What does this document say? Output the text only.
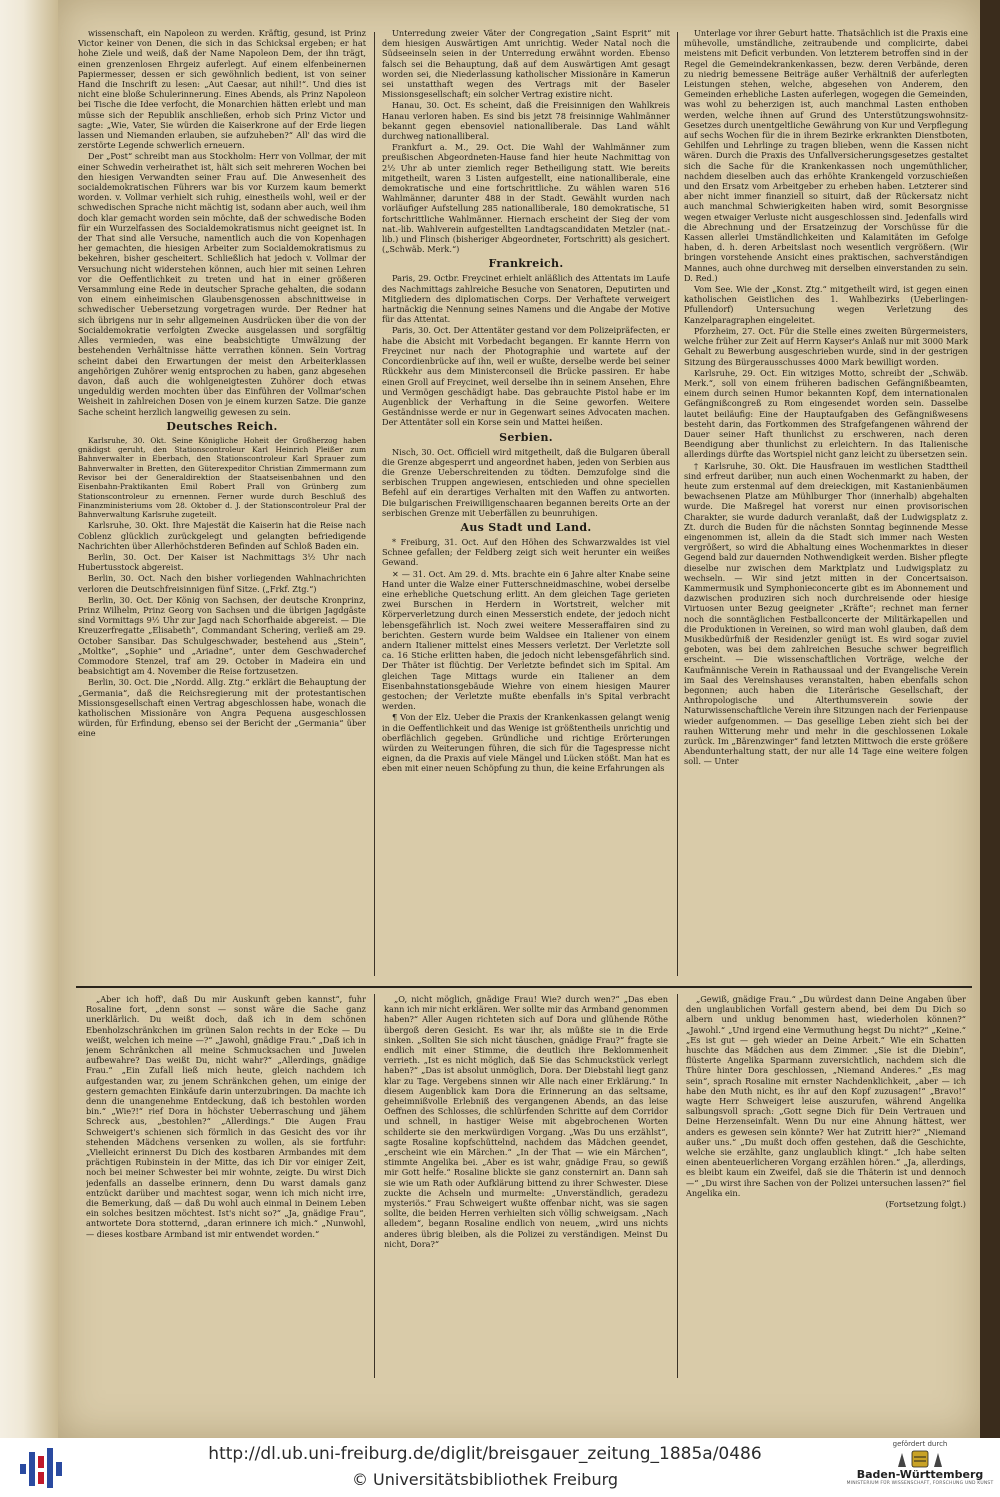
wissenschaft, ein Napoleon zu werden. Kräftig, gesund, ist Prinz Victor keiner von Denen, die sich in das Schicksal ergeben; er hat hohe Ziele und weiß, daß der Name Napoleon Dem, der ihn trägt, einen grenzenlosen Ehrgeiz auferlegt. Auf einem elfenbeinernen Papiermesser, dessen er sich gewöhnlich bedient, ist von seiner Hand die Inschrift zu lesen: „Aut Caesar, aut nihil!“. Und dies ist nicht eine bloße Schulerinnerung. Eines Abends, als Prinz Napoleon bei Tische die Idee verfocht, die Monarchien hätten erlebt und man müsse sich der Republik anschließen, erhob sich Prinz Victor und sagte: „Wie, Vater, Sie würden die Kaiserkrone auf der Erde liegen lassen und Niemanden erlauben, sie aufzuheben?“ All' das wird die zerstörte Legende schwerlich erneuern.

Der „Post“ schreibt man aus Stockholm: Herr von Vollmar, der mit einer Schwedin verheirathet ist, hält sich seit mehreren Wochen bei den hiesigen Verwandten seiner Frau auf. Die Anwesenheit des socialdemokratischen Führers war bis vor Kurzem kaum bemerkt worden. v. Vollmar verhielt sich ruhig, einestheils wohl, weil er der schwedischen Sprache nicht mächtig ist, sodann aber auch, weil ihm doch klar gemacht worden sein möchte, daß der schwedische Boden für ein Wurzelfassen des Socialdemokratismus nicht geeignet ist. In der That sind alle Versuche, namentlich auch die von Kopenhagen her gemachten, die hiesigen Arbeiter zum Socialdemokratismus zu bekehren, bisher gescheitert. Schließlich hat jedoch v. Vollmar der Versuchung nicht widerstehen können, auch hier mit seinen Lehren vor die Oeffentlichkeit zu treten und hat in einer größeren Versammlung eine Rede in deutscher Sprache gehalten, die sodann von einem einheimischen Glaubensgenossen abschnittweise in schwedischer Uebersetzung vorgetragen wurde. Der Redner hat sich übrigens nur in sehr allgemeinen Ausdrücken über die von der Socialdemokratie verfolgten Zwecke ausgelassen und sorgfältig Alles vermieden, was eine beabsichtigte Umwälzung der bestehenden Verhältnisse hätte verrathen können. Sein Vortrag scheint dabei den Erwartungen der meist den Arbeiterklassen angehörigen Zuhörer wenig entsprochen zu haben, ganz abgesehen davon, daß auch die wohlgeneigtesten Zuhörer doch etwas ungeduldig werden mochten über das Einführen der Vollmar'schen Weisheit in zahlreichen Dosen von je einem kurzen Satze. Die ganze Sache scheint herzlich langweilig gewesen zu sein.

Deutsches Reich.

Karlsruhe, 30. Okt. Seine Königliche Hoheit der Großherzog haben gnädigst geruht, den Stationscontroleur Karl Heinrich Pleißer zum Bahnverwalter in Eberbach, den Stationscontroleur Karl Sprauer zum Bahnverwalter in Bretten, den Güterexpeditor Christian Zimmermann zum Revisor bei der Generaldirektion der Staatseisenbahnen und den Eisenbahn-Praktikanten Emil Robert Prall von Grünberg zum Stationscontroleur zu ernennen. Ferner wurde durch Beschluß des Finanzministeriums vom 28. Oktober d. J. der Stationscontroleur Pral der Bahnverwaltung Karlsruhe zugeteilt.

Karlsruhe, 30. Okt. Ihre Majestät die Kaiserin hat die Reise nach Coblenz glücklich zurückgelegt und gelangten befriedigende Nachrichten über Allerhöchstderen Befinden auf Schloß Baden ein.

Berlin, 30. Oct. Der Kaiser ist Nachmittags 3½ Uhr nach Hubertusstock abgereist.

Berlin, 30. Oct. Nach den bisher vorliegenden Wahlnachrichten verloren die Deutschfreisinnigen fünf Sitze. („Frkf. Ztg.“)

Berlin, 30. Oct. Der König von Sachsen, der deutsche Kronprinz, Prinz Wilhelm, Prinz Georg von Sachsen und die übrigen Jagdgäste sind Vormittags 9½ Uhr zur Jagd nach Schorfhaide abgereist. — Die Kreuzerfregatte „Elisabeth“, Commandant Schering, verließ am 29. October Sansibar. Das Schulgeschwader, bestehend aus „Stein“, „Moltke“, „Sophie“ und „Ariadne“, unter dem Geschwaderchef Commodore Stenzel, traf am 29. October in Madeira ein und beabsichtigt am 4. November die Reise fortzusetzen.

Berlin, 30. Oct. Die „Nordd. Allg. Ztg.“ erklärt die Behauptung der „Germania“, daß die Reichsregierung mit der protestantischen Missionsgesellschaft einen Vertrag abgeschlossen habe, wonach die katholischen Missionäre von Angra Pequena ausgeschlossen würden, für Erfindung, ebenso sei der Bericht der „Germania“ über eine

Unterredung zweier Väter der Congregation „Saint Esprit“ mit dem hiesigen Auswärtigen Amt unrichtig. Weder Natal noch die Südseeinseln seien in der Unterredung erwähnt worden. Ebenso falsch sei die Behauptung, daß auf dem Auswärtigen Amt gesagt worden sei, die Niederlassung katholischer Missionäre in Kamerun sei unstatthaft wegen des Vertrags mit der Baseler Missionsgesellschaft; ein solcher Vertrag existire nicht.

Hanau, 30. Oct. Es scheint, daß die Freisinnigen den Wahlkreis Hanau verloren haben. Es sind bis jetzt 78 freisinnige Wahlmänner bekannt gegen ebensoviel nationalliberale. Das Land wählt durchweg nationalliberal.

Frankfurt a. M., 29. Oct. Die Wahl der Wahlmänner zum preußischen Abgeordneten-Hause fand hier heute Nachmittag von 2½ Uhr ab unter ziemlich reger Betheiligung statt. Wie bereits mitgetheilt, waren 3 Listen aufgestellt, eine nationalliberale, eine demokratische und eine fortschrittliche. Zu wählen waren 516 Wahlmänner, darunter 488 in der Stadt. Gewählt wurden nach vorläufiger Aufstellung 285 nationalliberale, 180 demokratische, 51 fortschrittliche Wahlmänner. Hiernach erscheint der Sieg der vom nat.-lib. Wahlverein aufgestellten Landtagscandidaten Metzler (nat.-lib.) und Flinsch (bisheriger Abgeordneter, Fortschritt) als gesichert. („Schwäb. Merk.“)

Frankreich.

Paris, 29. Octbr. Freycinet erhielt anläßlich des Attentats im Laufe des Nachmittags zahlreiche Besuche von Senatoren, Deputirten und Mitgliedern des diplomatischen Corps. Der Verhaftete verweigert hartnäckig die Nennung seines Namens und die Angabe der Motive für das Attentat.

Paris, 30. Oct. Der Attentäter gestand vor dem Polizeipräfecten, er habe die Absicht mit Vorbedacht begangen. Er kannte Herrn von Freycinet nur nach der Photographie und wartete auf der Concordienbrücke auf ihn, weil er wußte, derselbe werde bei seiner Rückkehr aus dem Ministerconseil die Brücke passiren. Er habe einen Groll auf Freycinet, weil derselbe ihn in seinem Ansehen, Ehre und Vermögen geschädigt habe. Das gebrauchte Pistol habe er im Augenblick der Verhaftung in die Seine geworfen. Weitere Geständnisse werde er nur in Gegenwart seines Advocaten machen. Der Attentäter soll ein Korse sein und Mattei heißen.

Serbien.

Nisch, 30. Oct. Officiell wird mitgetheilt, daß die Bulgaren überall die Grenze abgesperrt und angeordnet haben, jeden von Serbien aus die Grenze Ueberschreitenden zu tödten. Demzufolge sind die serbischen Truppen angewiesen, entschieden und ohne speciellen Befehl auf ein derartiges Verhalten mit den Waffen zu antworten. Die bulgarischen Freiwilligenschaaren begannen bereits Orte an der serbischen Grenze mit Ueberfällen zu beunruhigen.

Aus Stadt und Land.

* Freiburg, 31. Oct. Auf den Höhen des Schwarzwaldes ist viel Schnee gefallen; der Feldberg zeigt sich weit herunter ein weißes Gewand.

✕ — 31. Oct. Am 29. d. Mts. brachte ein 6 Jahre alter Knabe seine Hand unter die Walze einer Futterschneidmaschine, wobei derselbe eine erhebliche Quetschung erlitt. An dem gleichen Tage gerieten zwei Burschen in Herdern in Wortstreit, welcher mit Körperverletzung durch einen Messerstich endete, der jedoch nicht lebensgefährlich ist. Noch zwei weitere Messeraffairen sind zu berichten. Gestern wurde beim Waldsee ein Italiener von einem andern Italiener mittelst eines Messers verletzt. Der Verletzte soll ca. 16 Stiche erlitten haben, die jedoch nicht lebensgefährlich sind. Der Thäter ist flüchtig. Der Verletzte befindet sich im Spital. Am gleichen Tage Mittags wurde ein Italiener an dem Eisenbahnstationsgebäude Wiehre von einem hiesigen Maurer gestochen; der Verletzte mußte ebenfalls in's Spital verbracht werden.

¶ Von der Elz. Ueber die Praxis der Krankenkassen gelangt wenig in die Oeffentlichkeit und das Wenige ist größtentheils unrichtig und oberflächlich gegeben. Gründliche und richtige Erörterungen würden zu Weiterungen führen, die sich für die Tagespresse nicht eignen, da die Praxis auf viele Mängel und Lücken stößt. Man hat es eben mit einer neuen Schöpfung zu thun, die keine Erfahrungen als

Unterlage vor ihrer Geburt hatte. Thatsächlich ist die Praxis eine mühevolle, umständliche, zeitraubende und complicirte, dabei meistens mit Deficit verbunden. Von letzterem betroffen sind in der Regel die Gemeindekrankenkassen, bezw. deren Verbände, deren zu niedrig bemessene Beiträge außer Verhältniß der auferlegten Leistungen stehen, welche, abgesehen von Anderem, den Gemeinden erhebliche Lasten auferlegen, wogegen die Gemeinden, was wohl zu beherzigen ist, auch manchmal Lasten enthoben werden, welche ihnen auf Grund des Unterstützungswohnsitz-Gesetzes durch unentgeltliche Gewährung von Kur und Verpflegung auf sechs Wochen für die in ihrem Bezirke erkrankten Dienstboten, Gehilfen und Lehrlinge zu tragen blieben, wenn die Kassen nicht wären. Durch die Praxis des Unfallversicherungsgesetzes gestaltet sich die Sache für die Krankenkassen noch ungemüthlicher, nachdem dieselben auch das erhöhte Krankengeld vorzuschießen und den Ersatz vom Arbeitgeber zu erheben haben. Letzterer sind aber nicht immer finanziell so situirt, daß der Rückersatz nicht auch manchmal Schwierigkeiten haben wird, somit Besorgnisse wegen etwaiger Verluste nicht ausgeschlossen sind. Jedenfalls wird die Abrechnung und der Ersatzeinzug der Vorschüsse für die Kassen allerlei Umständlichkeiten und Kalamitäten im Gefolge haben, d. h. deren Arbeitslast noch wesentlich vergrößern. (Wir bringen vorstehende Ansicht eines praktischen, sachverständigen Mannes, auch ohne durchweg mit derselben einverstanden zu sein. D. Red.)

Vom See. Wie der „Konst. Ztg.“ mitgetheilt wird, ist gegen einen katholischen Geistlichen des 1. Wahlbezirks (Ueberlingen-Pfullendorf) Untersuchung wegen Verletzung des Kanzelparagraphen eingeleitet.

Pforzheim, 27. Oct. Für die Stelle eines zweiten Bürgermeisters, welche früher zur Zeit auf Herrn Kayser's Anlaß nur mit 3000 Mark Gehalt zu Bewerbung ausgeschrieben wurde, sind in der gestrigen Sitzung des Bürgerausschusses 4000 Mark bewilligt worden.

Karlsruhe, 29. Oct. Ein witziges Motto, schreibt der „Schwäb. Merk.“, soll von einem früheren badischen Gefängnißbeamten, einem durch seinen Humor bekannten Kopf, dem internationalen Gefängnißcongreß zu Rom eingesendet worden sein. Dasselbe lautet beiläufig: Eine der Hauptaufgaben des Gefängnißwesens besteht darin, das Fortkommen des Strafgefangenen während der Dauer seiner Haft thunlichst zu erschweren, nach deren Beendigung aber thunlichst zu erleichtern. In das Italienische allerdings dürfte das Wortspiel nicht ganz leicht zu übersetzen sein.

† Karlsruhe, 30. Okt. Die Hausfrauen im westlichen Stadttheil sind erfreut darüber, nun auch einen Wochenmarkt zu haben, der heute zum erstenmal auf dem dreieckigen, mit Kastanienbäumen bewachsenen Platze am Mühlburger Thor (innerhalb) abgehalten wurde. Die Maßregel hat vorerst nur einen provisorischen Charakter, sie wurde dadurch veranlaßt, daß der Ludwigsplatz z. Zt. durch die Buden für die nächsten Sonntag beginnende Messe eingenommen ist, allein da die Stadt sich immer nach Westen vergrößert, so wird die Abhaltung eines Wochenmarktes in dieser Gegend bald zur dauernden Nothwendigkeit werden. Bisher pflegte dieselbe nur zwischen dem Marktplatz und Ludwigsplatz zu wechseln. — Wir sind jetzt mitten in der Concertsaison. Kammermusik und Symphonieconcerte gibt es im Abonnement und dazwischen produziren sich noch durchreisende oder hiesige Virtuosen unter Bezug geeigneter „Kräfte“; rechnet man ferner noch die sonntäglichen Festballconcerte der Militärkapellen und die Produktionen in Vereinen, so wird man wohl glauben, daß dem Musikbedürfniß der Residenzler genügt ist. Es wird sogar zuviel geboten, was bei dem zahlreichen Besuche schwer begreiflich erscheint. — Die wissenschaftlichen Vorträge, welche der Kaufmännische Verein in Rathaussaal und der Evangelische Verein im Saal des Vereinshauses veranstalten, haben ebenfalls schon begonnen; auch haben die Literärische Gesellschaft, der Anthropologische und Alterthumsverein sowie der Naturwissenschaftliche Verein ihre Sitzungen nach der Ferienpause wieder aufgenommen. — Das gesellige Leben zieht sich bei der rauhen Witterung mehr und mehr in die geschlossenen Lokale zurück. Im „Bärenzwinger“ fand letzten Mittwoch die erste größere Abendunterhaltung statt, der nur alle 14 Tage eine weitere folgen soll. — Unter

„Aber ich hoff', daß Du mir Auskunft geben kannst“, fuhr Rosaline fort, „denn sonst — sonst wäre die Sache ganz unerklärlich. Du weißt doch, daß ich in dem schönen Ebenholzschränkchen im grünen Salon rechts in der Ecke — Du weißt, welchen ich meine —?“ „Jawohl, gnädige Frau.“ „Daß ich in jenem Schränkchen all meine Schmucksachen und Juwelen aufbewahre? Das weißt Du, nicht wahr?“ „Allerdings, gnädige Frau.“ „Ein Zufall ließ mich heute, gleich nachdem ich aufgestanden war, zu jenem Schränkchen gehen, um einige der gestern gemachten Einkäufe darin unterzubringen. Da machte ich denn die unangenehme Entdeckung, daß ich bestohlen worden bin.“ „Wie?!“ rief Dora in höchster Ueberraschung und jähem Schreck aus, „bestohlen?“ „Allerdings.“ Die Augen Frau Schweigert's schienen sich förmlich in das Gesicht des vor ihr stehenden Mädchens versenken zu wollen, als sie fortfuhr: „Vielleicht erinnerst Du Dich des kostbaren Armbandes mit dem prächtigen Rubinstein in der Mitte, das ich Dir vor einiger Zeit, noch bei meiner Schwester bei mir wohnte, zeigte. Du wirst Dich jedenfalls an dasselbe erinnern, denn Du warst damals ganz entzückt darüber und machtest sogar, wenn ich mich nicht irre, die Bemerkung, daß — daß Du wohl auch einmal in Deinem Leben ein solches besitzen möchtest. Ist's nicht so?“ „Ja, gnädige Frau“, antwortete Dora stotternd, „daran erinnere ich mich.“ „Nunwohl, — dieses kostbare Armband ist mir entwendet worden.“

„O, nicht möglich, gnädige Frau! Wie? durch wen?“ „Das eben kann ich mir nicht erklären. Wer sollte mir das Armband genommen haben?“ Aller Augen richteten sich auf Dora und glühende Röthe übergoß deren Gesicht. Es war ihr, als müßte sie in die Erde sinken. „Sollten Sie sich nicht täuschen, gnädige Frau?“ fragte sie endlich mit einer Stimme, die deutlich ihre Beklommenheit verrieth. „Ist es nicht möglich, daß Sie das Schmuckstück verlegt haben?“ „Das ist absolut unmöglich, Dora. Der Diebstahl liegt ganz klar zu Tage. Vergebens sinnen wir Alle nach einer Erklärung.“ In diesem Augenblick kam Dora die Erinnerung an das seltsame, geheimnißvolle Erlebniß des vergangenen Abends, an das leise Oeffnen des Schlosses, die schlürfenden Schritte auf dem Corridor und schnell, in hastiger Weise mit abgebrochenen Worten schilderte sie den merkwürdigen Vorgang. „Was Du uns erzählst“, sagte Rosaline kopfschüttelnd, nachdem das Mädchen geendet, „erscheint wie ein Märchen.“ „In der That — wie ein Märchen“, stimmte Angelika bei. „Aber es ist wahr, gnädige Frau, so gewiß mir Gott helfe.“ Rosaline blickte sie ganz consternirt an. Dann sah sie wie um Rath oder Aufklärung bittend zu ihrer Schwester. Diese zuckte die Achseln und murmelte: „Unverständlich, geradezu mysteriös.“ Frau Schweigert wußte offenbar nicht, was sie sagen sollte, die beiden Herren verhielten sich völlig schweigsam. „Nach alledem“, begann Rosaline endlich von neuem, „wird uns nichts anderes übrig bleiben, als die Polizei zu verständigen. Meinst Du nicht, Dora?“

„Gewiß, gnädige Frau.“ „Du würdest dann Deine Angaben über den unglaublichen Vorfall gestern abend, bei dem Du Dich so albern und unklug benommen hast, wiederholen können?“ „Jawohl.“ „Und irgend eine Vermuthung hegst Du nicht?“ „Keine.“ „Es ist gut — geh wieder an Deine Arbeit.“ Wie ein Schatten huschte das Mädchen aus dem Zimmer. „Sie ist die Diebin“, flüsterte Angelika Sparmann zuversichtlich, nachdem sich die Thüre hinter Dora geschlossen, „Niemand Anderes.“ „Es mag sein“, sprach Rosaline mit ernster Nachdenklichkeit, „aber — ich habe den Muth nicht, es ihr auf den Kopf zuzusagen!“ „Bravo!“ wagte Herr Schweigert leise auszurufen, während Angelika salbungsvoll sprach: „Gott segne Dich für Dein Vertrauen und Deine Herzenseinfalt. Wenn Du nur eine Ahnung hättest, wer anders es gewesen sein könnte? Wer hat Zutritt hier?“ „Niemand außer uns.“ „Du mußt doch offen gestehen, daß die Geschichte, welche sie erzählte, ganz unglaublich klingt.“ „Ich habe selten einen abenteuerlicheren Vorgang erzählen hören.“ „Ja, allerdings, es bleibt kaum ein Zweifel, daß sie die Thäterin ist und dennoch —“ „Du wirst ihre Sachen von der Polizei untersuchen lassen?“ fiel Angelika ein.

(Fortsetzung folgt.)

http://dl.ub.uni-freiburg.de/diglit/breisgauer_zeitung_1885a/0486
© Universitätsbibliothek Freiburg
gefördert durch
Baden-Württemberg
MINISTERIUM FÜR WISSENSCHAFT, FORSCHUNG UND KUNST
